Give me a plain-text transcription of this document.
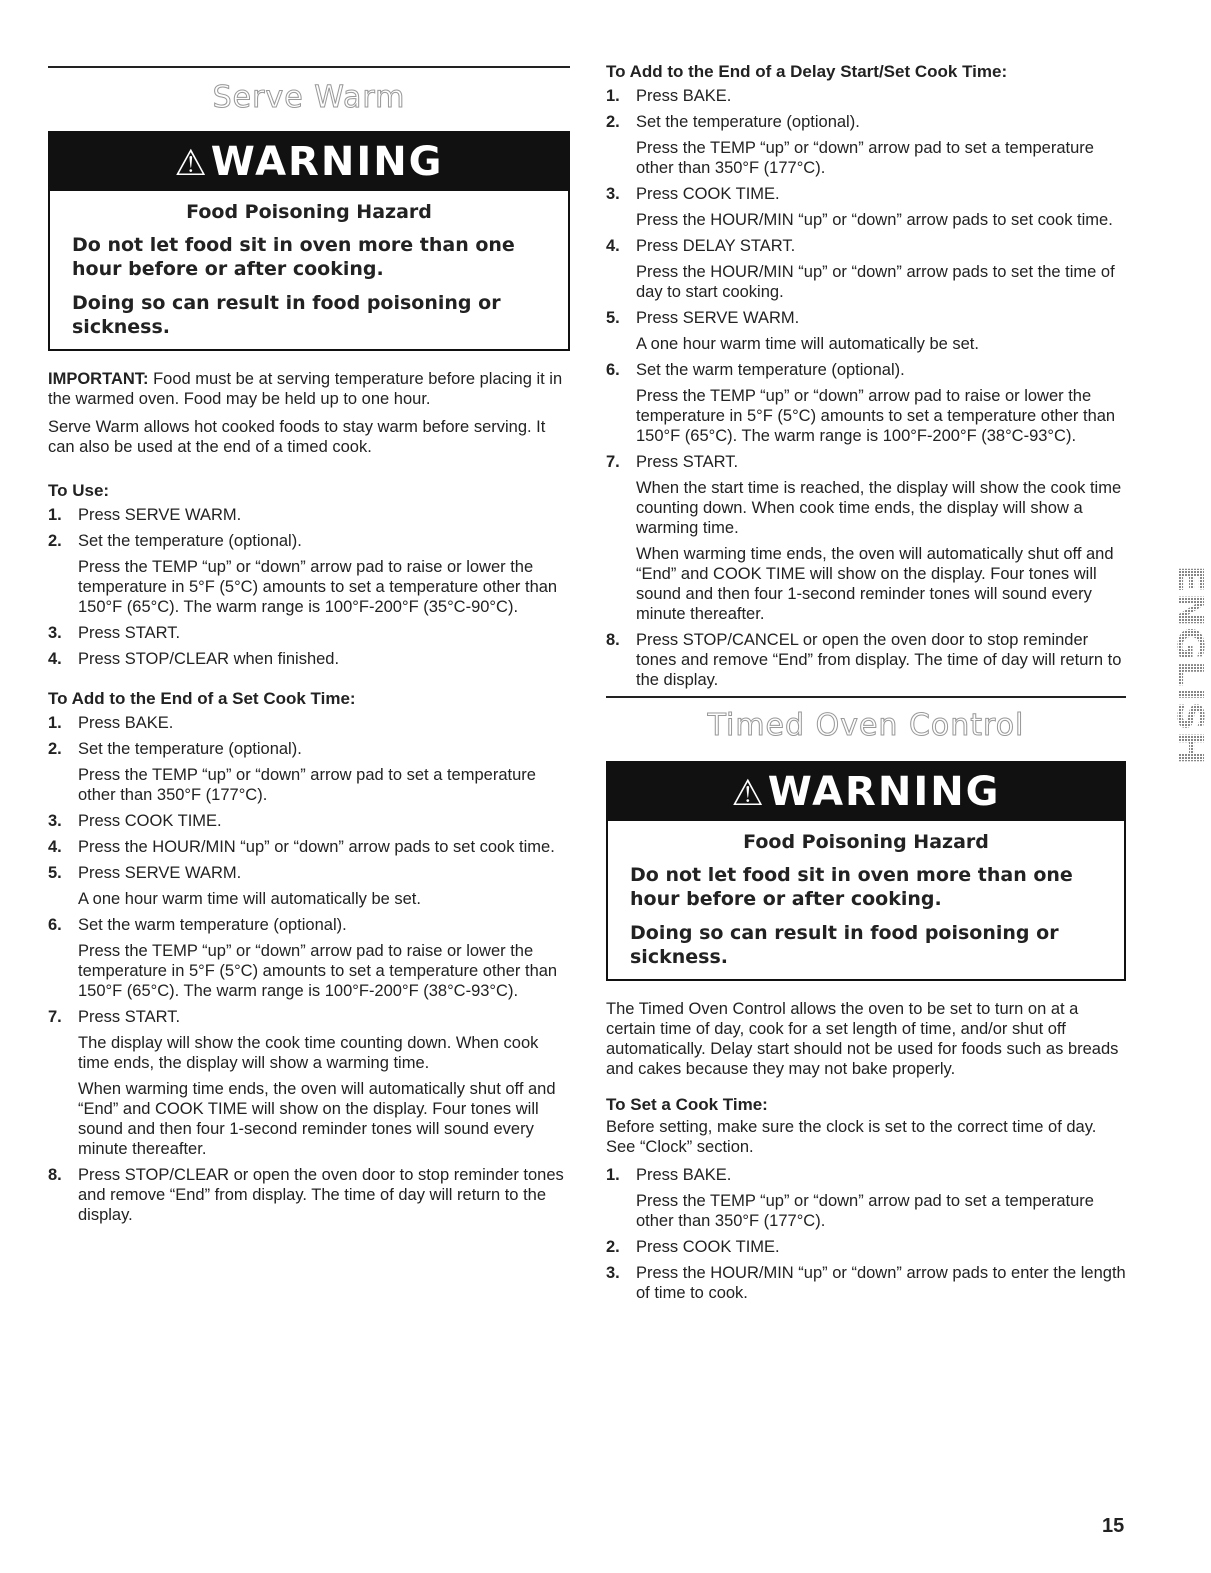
Serve Warm
⚠WARNING
Food Poisoning Hazard
Do not let food sit in oven more than one hour before or after cooking.
Doing so can result in food poisoning or sickness.

IMPORTANT: Food must be at serving temperature before placing it in the warmed oven. Food may be held up to one hour.

Serve Warm allows hot cooked foods to stay warm before serving. It can also be used at the end of a timed cook.

To Use:
1. Press SERVE WARM.
2. Set the temperature (optional).
Press the TEMP “up” or “down” arrow pad to raise or lower the temperature in 5°F (5°C) amounts to set a temperature other than 150°F (65°C). The warm range is 100°F-200°F (35°C-90°C).
3. Press START.
4. Press STOP/CLEAR when finished.
To Add to the End of a Set Cook Time:
1. Press BAKE.
2. Set the temperature (optional).
Press the TEMP “up” or “down” arrow pad to set a temperature other than 350°F (177°C).
3. Press COOK TIME.
4. Press the HOUR/MIN “up” or “down” arrow pads to set cook time.
5. Press SERVE WARM.
A one hour warm time will automatically be set.
6. Set the warm temperature (optional).
Press the TEMP “up” or “down” arrow pad to raise or lower the temperature in 5°F (5°C) amounts to set a temperature other than 150°F (65°C). The warm range is 100°F-200°F (38°C-93°C).
7. Press START.
The display will show the cook time counting down. When cook time ends, the display will show a warming time.
When warming time ends, the oven will automatically shut off and “End” and COOK TIME will show on the display. Four tones will sound and then four 1-second reminder tones will sound every minute thereafter.
8. Press STOP/CLEAR or open the oven door to stop reminder tones and remove “End” from display. The time of day will return to the display.
To Add to the End of a Delay Start/Set Cook Time:
1. Press BAKE.
2. Set the temperature (optional).
Press the TEMP “up” or “down” arrow pad to set a temperature other than 350°F (177°C).
3. Press COOK TIME.
Press the HOUR/MIN “up” or “down” arrow pads to set cook time.
4. Press DELAY START.
Press the HOUR/MIN “up” or “down” arrow pads to set the time of day to start cooking.
5. Press SERVE WARM.
A one hour warm time will automatically be set.
6. Set the warm temperature (optional).
Press the TEMP “up” or “down” arrow pad to raise or lower the temperature in 5°F (5°C) amounts to set a temperature other than 150°F (65°C). The warm range is 100°F-200°F (38°C-93°C).
7. Press START.
When the start time is reached, the display will show the cook time counting down. When cook time ends, the display will show a warming time.
When warming time ends, the oven will automatically shut off and “End” and COOK TIME will show on the display. Four tones will sound and then four 1-second reminder tones will sound every minute thereafter.
8. Press STOP/CANCEL or open the oven door to stop reminder tones and remove “End” from display. The time of day will return to the display.
Timed Oven Control
⚠WARNING
Food Poisoning Hazard
Do not let food sit in oven more than one hour before or after cooking.
Doing so can result in food poisoning or sickness.

The Timed Oven Control allows the oven to be set to turn on at a certain time of day, cook for a set length of time, and/or shut off automatically. Delay start should not be used for foods such as breads and cakes because they may not bake properly.

To Set a Cook Time:

Before setting, make sure the clock is set to the correct time of day. See “Clock” section.

1. Press BAKE.
Press the TEMP “up” or “down” arrow pad to set a temperature other than 350°F (177°C).
2. Press COOK TIME.
3. Press the HOUR/MIN “up” or “down” arrow pads to enter the length of time to cook.
ENGLISH
15
